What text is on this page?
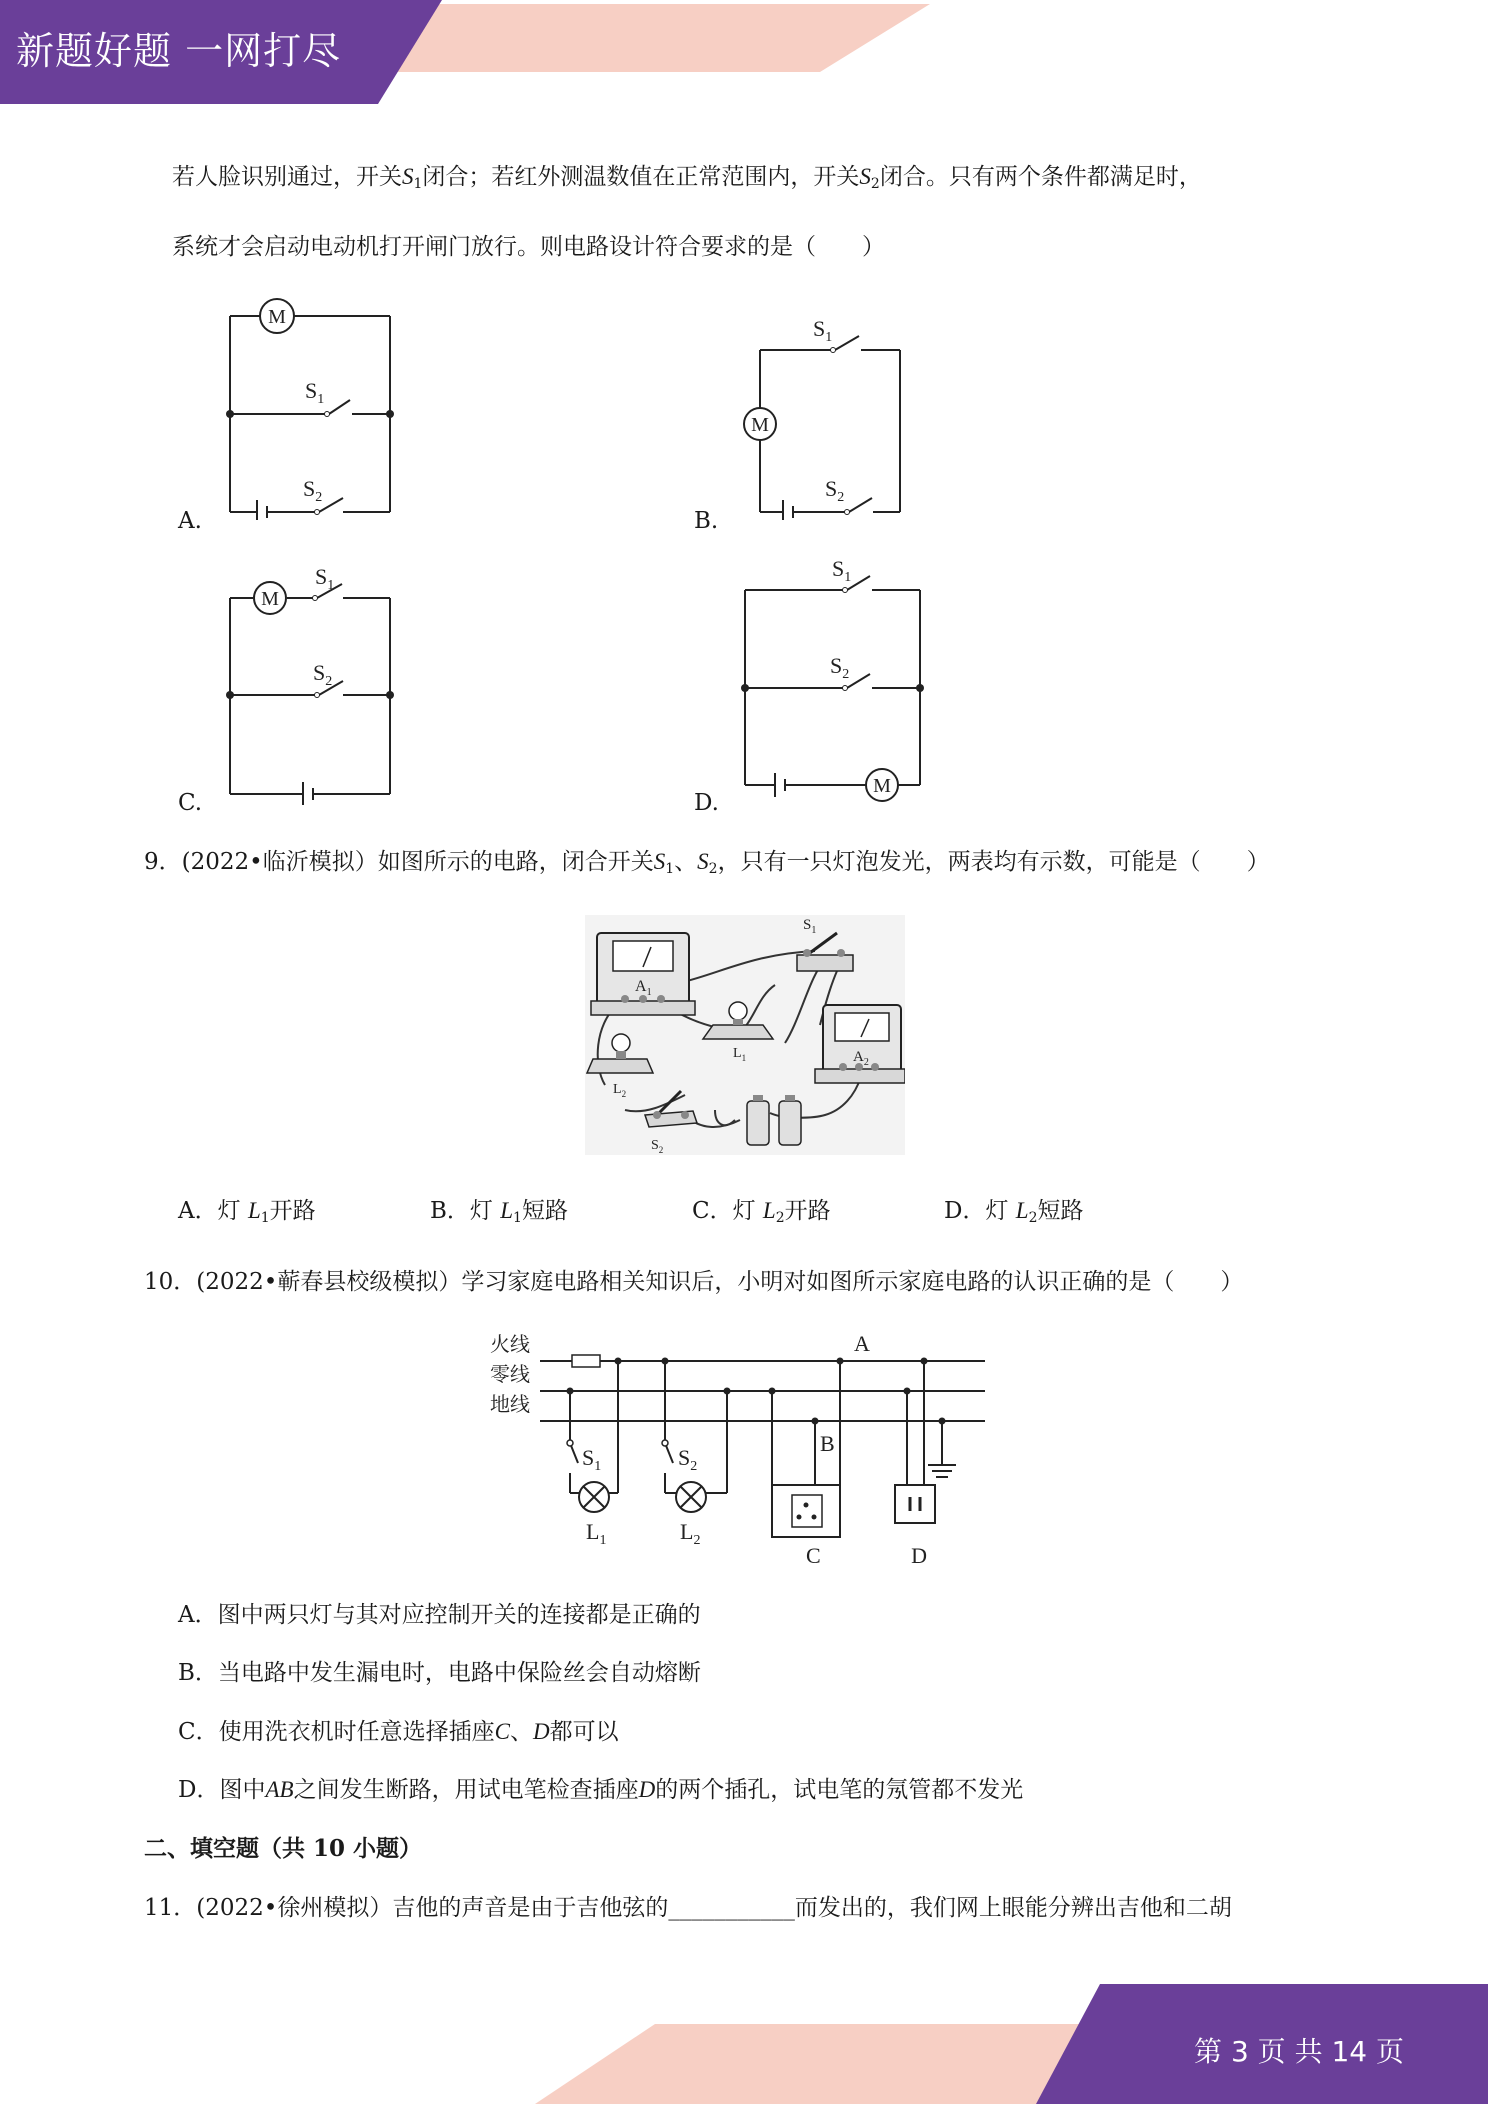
新题好题 一网打尽
若人脸识别通过，开关$S_1$闭合；若红外测温数值在正常范围内，开关$S_2$闭合。只有两个条件都满足时，
系统才会启动电动机打开闸门放行。则电路设计符合要求的是（　　）
A.
M
$S_1$
$S_2$
B.
M
$S_1$
$S_2$
C.
M
$S_1$
$S_2$
D.
M
$S_1$
$S_2$
9．(2022•临沂模拟）如图所示的电路，闭合开关$S_1$、$S_2$，只有一只灯泡发光，两表均有示数，可能是（　　）
$A_1$
$S_1$
$L_1$	$A_2$
$L_2$
$S_2$
A．灯 $L_1$开路	B．灯 $L_1$短路	C．灯 $L_2$开路	D．灯 $L_2$短路
10．(2022•蕲春县校级模拟）学习家庭电路相关知识后，小明对如图所示家庭电路的认识正确的是（　　）
火线
零线
地线
A
B
C	D
$S_1$	$S_2$
$L_1$	$L_2$
A．图中两只灯与其对应控制开关的连接都是正确的
B．当电路中发生漏电时，电路中保险丝会自动熔断
C．使用洗衣机时任意选择插座C、D都可以
D．图中AB之间发生断路，用试电笔检查插座D的两个插孔，试电笔的氖管都不发光
二、填空题（共 10 小题）
11．(2022•徐州模拟）吉他的声音是由于吉他弦的___________而发出的，我们网上眼能分辨出吉他和二胡
第 3 页 共 14 页
